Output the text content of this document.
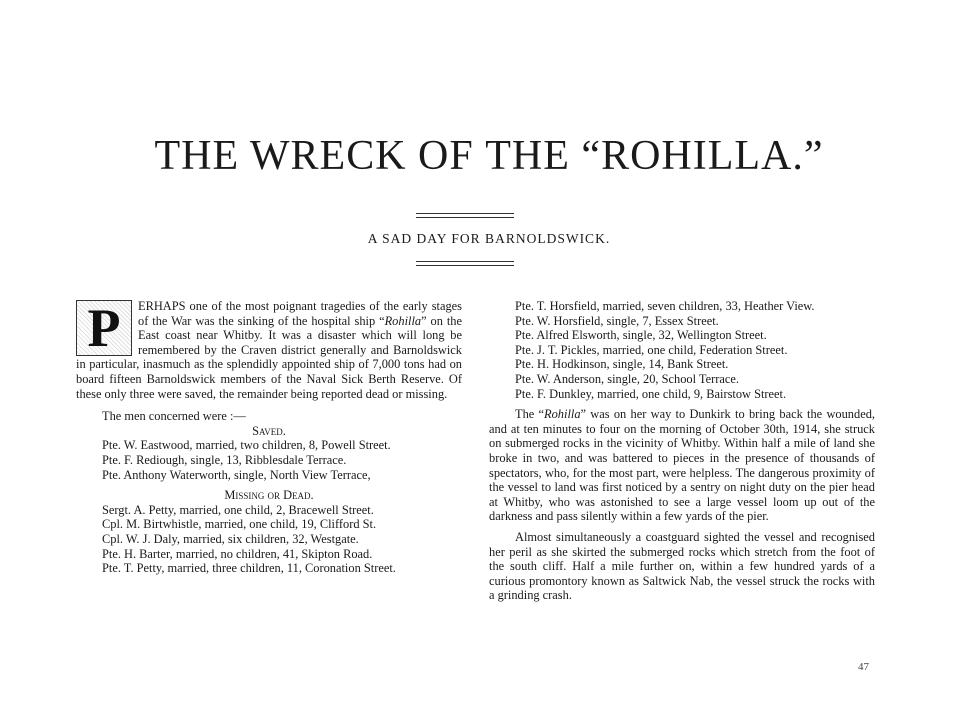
THE WRECK OF THE “ROHILLA.”
A SAD DAY FOR BARNOLDSWICK.

P	ERHAPS one of the most poignant tragedies of the early stages of the War was the sinking of the hospital ship “Rohilla” on the East coast near Whitby. It was a disaster which will long be remembered by the Craven district generally and Barnoldswick in particular, inasmuch as the splendidly appointed ship of 7,000 tons had on board fifteen Barnoldswick members of the Naval Sick Berth Reserve. Of these only three were saved, the remainder being reported dead or missing.

The men concerned were :—

Saved.

Pte. W. Eastwood, married, two children, 8, Powell Street.

Pte. F. Rediough, single, 13, Ribblesdale Terrace.

Pte. Anthony Waterworth, single, North View Terrace,

Missing or Dead.

Sergt. A. Petty, married, one child, 2, Bracewell Street.

Cpl. M. Birtwhistle, married, one child, 19, Clifford St.

Cpl. W. J. Daly, married, six children, 32, Westgate.

Pte. H. Barter, married, no children, 41, Skipton Road.

Pte. T. Petty, married, three children, 11, Coronation Street.

Pte. T. Horsfield, married, seven children, 33, Heather View.

Pte. W. Horsfield, single, 7, Essex Street.

Pte. Alfred Elsworth, single, 32, Wellington Street.

Pte. J. T. Pickles, married, one child, Federation Street.

Pte. H. Hodkinson, single, 14, Bank Street.

Pte. W. Anderson, single, 20, School Terrace.

Pte. F. Dunkley, married, one child, 9, Bairstow Street.

The “Rohilla” was on her way to Dunkirk to bring back the wounded, and at ten minutes to four on the morning of October 30th, 1914, she struck on submerged rocks in the vicinity of Whitby. Within half a mile of land she broke in two, and was battered to pieces in the presence of thousands of spectators, who, for the most part, were helpless. The dangerous proximity of the vessel to land was first noticed by a sentry on night duty on the pier head at Whitby, who was astonished to see a large vessel loom up out of the darkness and pass silently within a few yards of the pier.

Almost simultaneously a coastguard sighted the vessel and recognised her peril as she skirted the submerged rocks which stretch from the foot of the south cliff. Half a mile further on, within a few hundred yards of a curious promontory known as Saltwick Nab, the vessel struck the rocks with a grinding crash.

47
